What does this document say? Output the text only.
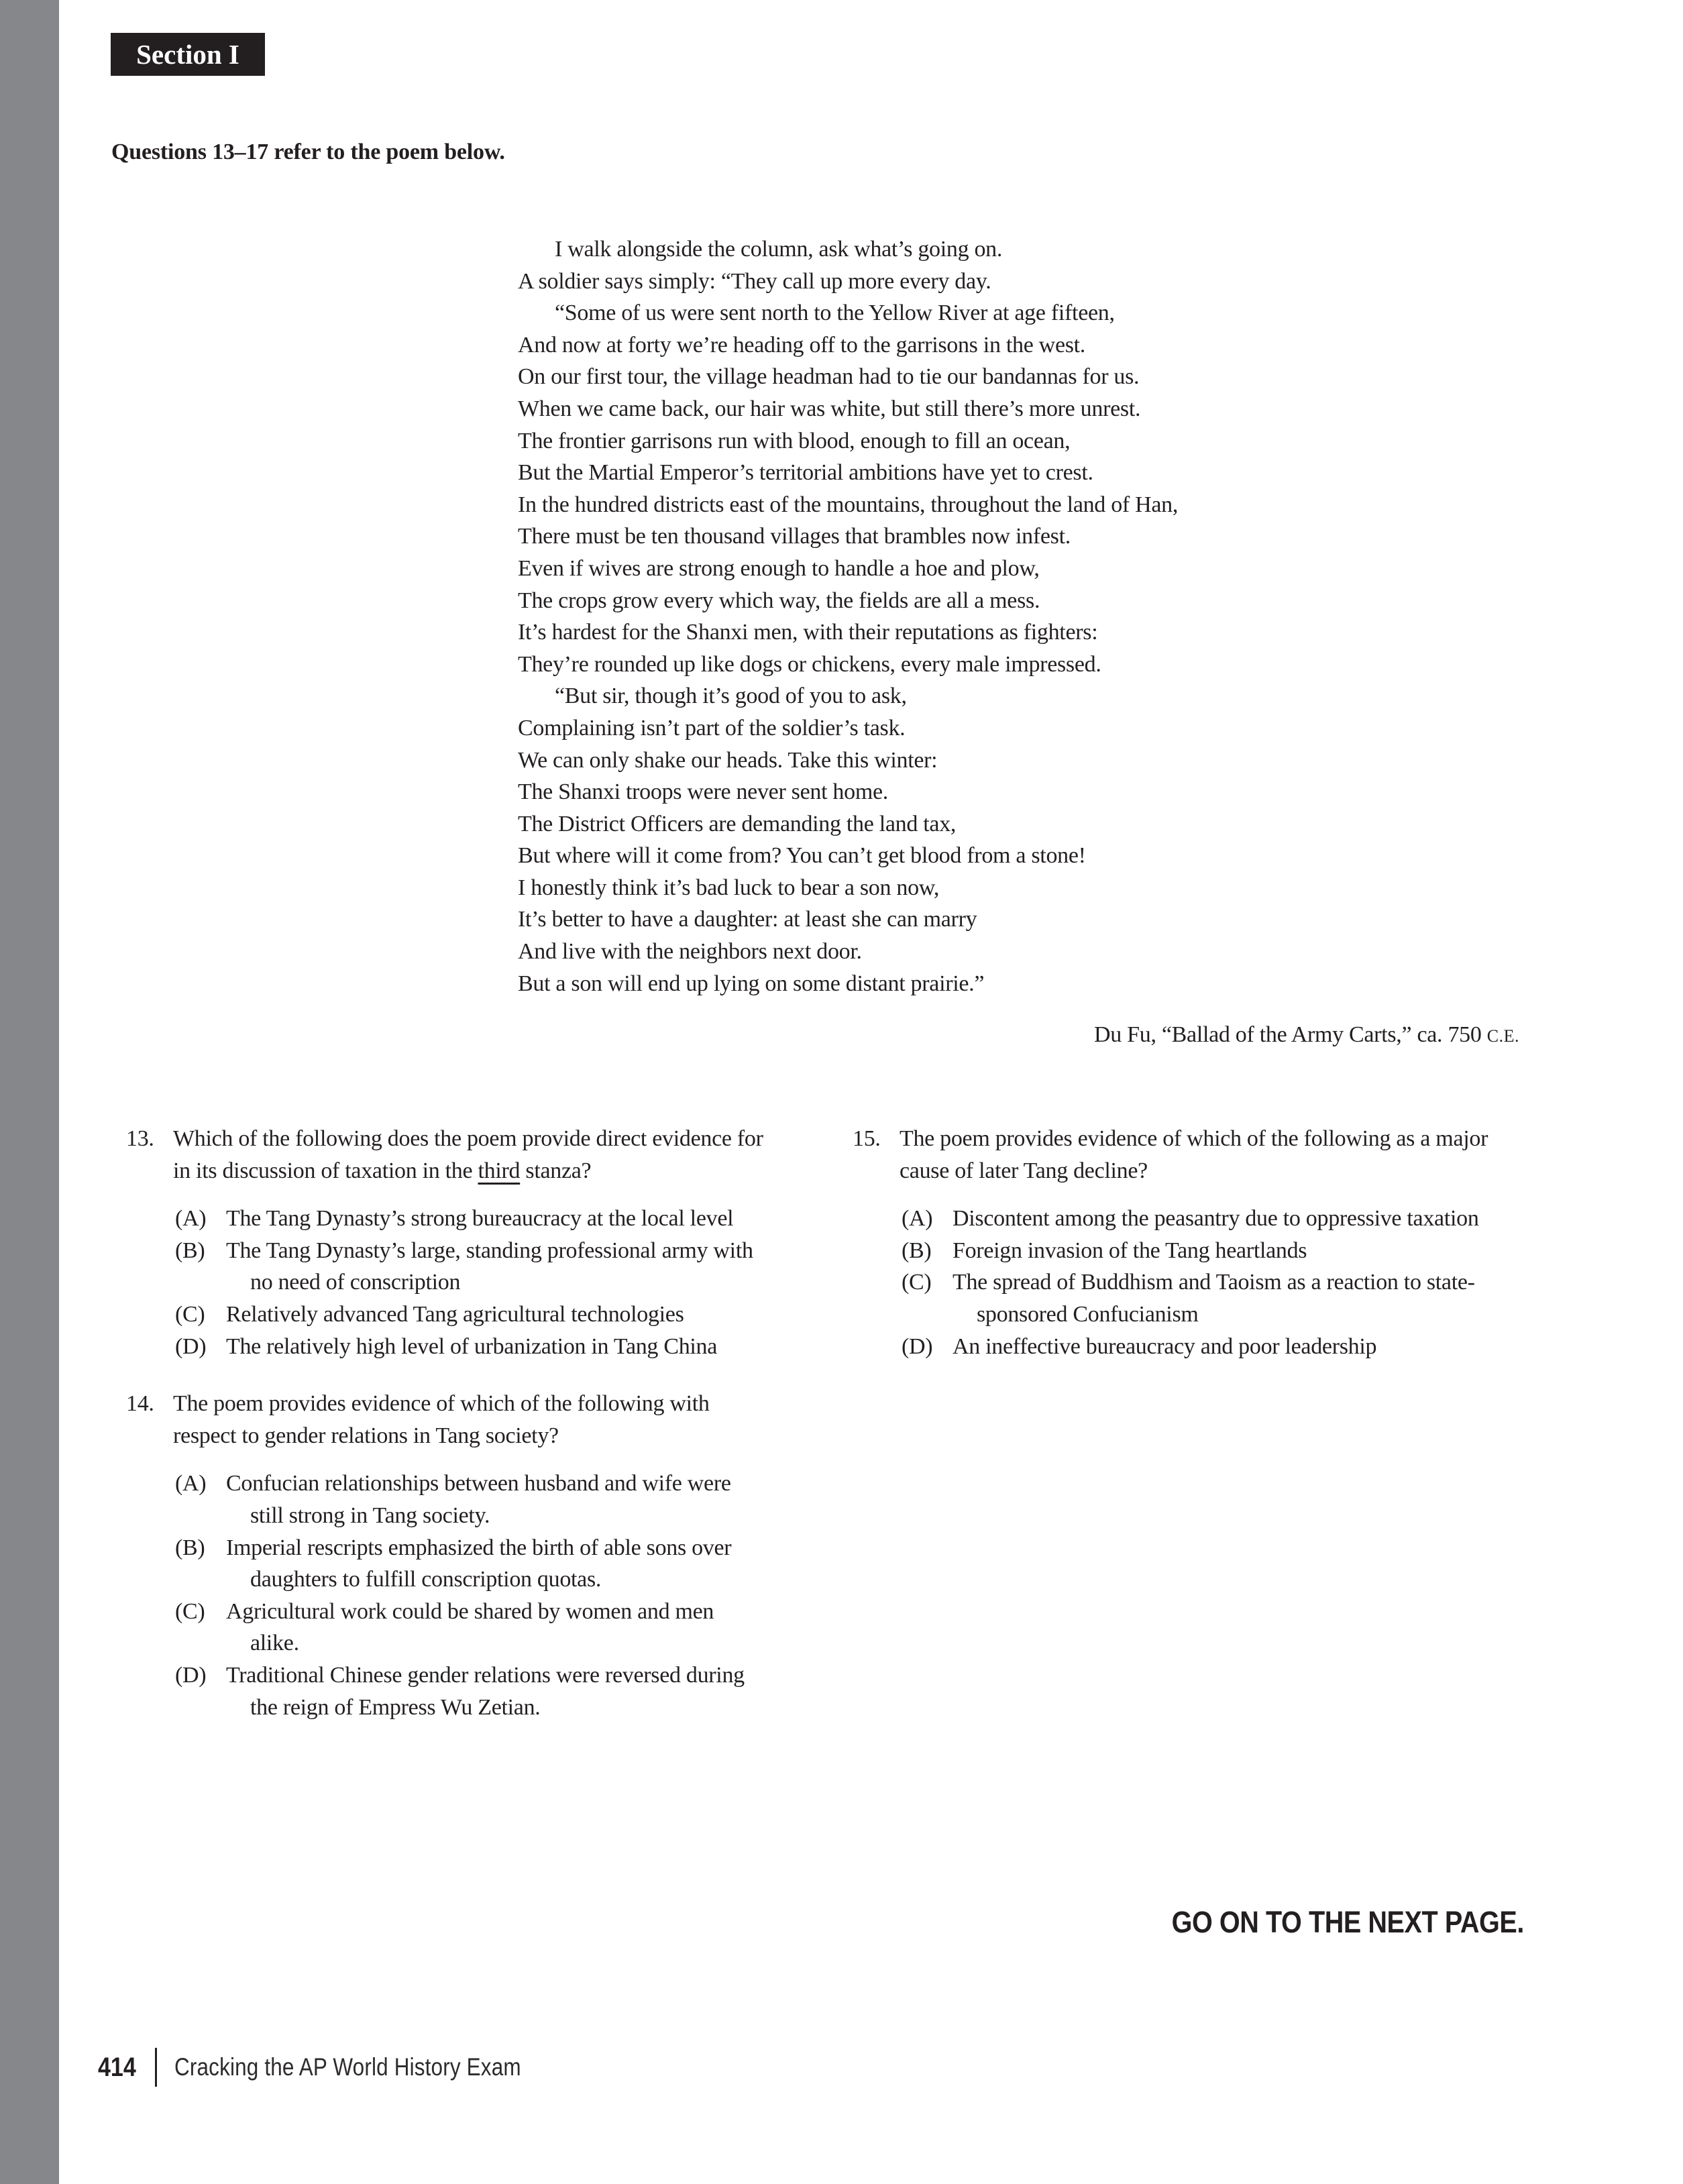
Section I
Questions 13–17 refer to the poem below.
I walk alongside the column, ask what’s going on.
A soldier says simply: “They call up more every day.
“Some of us were sent north to the Yellow River at age fifteen,
And now at forty we’re heading off to the garrisons in the west.
On our first tour, the village headman had to tie our bandannas for us.
When we came back, our hair was white, but still there’s more unrest.
The frontier garrisons run with blood, enough to fill an ocean,
But the Martial Emperor’s territorial ambitions have yet to crest.
In the hundred districts east of the mountains, throughout the land of Han,
There must be ten thousand villages that brambles now infest.
Even if wives are strong enough to handle a hoe and plow,
The crops grow every which way, the fields are all a mess.
It’s hardest for the Shanxi men, with their reputations as fighters:
They’re rounded up like dogs or chickens, every male impressed.
“But sir, though it’s good of you to ask,
Complaining isn’t part of the soldier’s task.
We can only shake our heads. Take this winter:
The Shanxi troops were never sent home.
The District Officers are demanding the land tax,
But where will it come from? You can’t get blood from a stone!
I honestly think it’s bad luck to bear a son now,
It’s better to have a daughter: at least she can marry
And live with the neighbors next door.
But a son will end up lying on some distant prairie.”
Du Fu, “Ballad of the Army Carts,” ca. 750 C.E.
13. Which of the following does the poem provide direct evidence for in its discussion of taxation in the third stanza?
(A) The Tang Dynasty’s strong bureaucracy at the local level
(B) The Tang Dynasty’s large, standing professional army with no need of conscription
(C) Relatively advanced Tang agricultural technologies
(D) The relatively high level of urbanization in Tang China
14. The poem provides evidence of which of the following with respect to gender relations in Tang society?
(A) Confucian relationships between husband and wife were still strong in Tang society.
(B) Imperial rescripts emphasized the birth of able sons over daughters to fulfill conscription quotas.
(C) Agricultural work could be shared by women and men alike.
(D) Traditional Chinese gender relations were reversed during the reign of Empress Wu Zetian.
15. The poem provides evidence of which of the following as a major cause of later Tang decline?
(A) Discontent among the peasantry due to oppressive taxation
(B) Foreign invasion of the Tang heartlands
(C) The spread of Buddhism and Taoism as a reaction to state-sponsored Confucianism
(D) An ineffective bureaucracy and poor leadership
GO ON TO THE NEXT PAGE.
414 Cracking the AP World History Exam
